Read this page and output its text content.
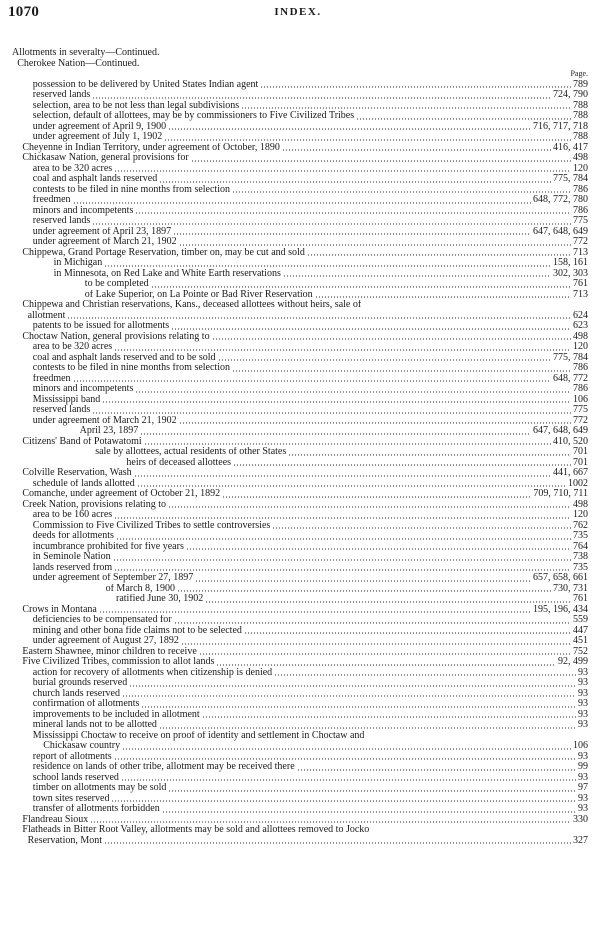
1070	INDEX.
Allotments in severalty—Continued.
Cherokee Nation—Continued.
Page.
possession to be delivered by United States Indian agent	789
reserved lands	724, 790
selection, area to be not less than legal subdivisions	788
selection, default of allottees, may be by commissioners to Five Civilized Tribes	788
under agreement of April 9, 1900	716, 717, 718
under agreement of July 1, 1902	788
Cheyenne in Indian Territory, under agreement of October, 1890	416, 417
Chickasaw Nation, general provisions for	498
area to be 320 acres	120
coal and asphalt lands reserved	775, 784
contests to be filed in nine months from selection	786
freedmen	648, 772, 780
minors and incompetents	786
reserved lands	775
under agreement of April 23, 1897	647, 648, 649
under agreement of March 21, 1902	772
Chippewa, Grand Portage Reservation, timber on, may be cut and sold	713
in Michigan	158, 161
in Minnesota, on Red Lake and White Earth reservations	302, 303
to be completed	761
of Lake Superior, on La Pointe or Bad River Reservation	713
Chippewa and Christian reservations, Kans., deceased allottees without heirs, sale of
allotment	624
patents to be issued for allotments	623
Choctaw Nation, general provisions relating to	498
area to be 320 acres	120
coal and asphalt lands reserved and to be sold	775, 784
contests to be filed in nine months from selection	786
freedmen	648, 772
minors and incompetents	786
Mississippi band	106
reserved lands	775
under agreement of March 21, 1902	772
April 23, 1897	647, 648, 649
Citizens' Band of Potawatomi	410, 520
sale by allottees, actual residents of other States	701
heirs of deceased allottees	701
Colville Reservation, Wash	441, 667
schedule of lands allotted	1002
Comanche, under agreement of October 21, 1892	709, 710, 711
Creek Nation, provisions relating to	498
area to be 160 acres	120
Commission to Five Civilized Tribes to settle controversies	762
deeds for allotments	735
incumbrance prohibited for five years	764
in Seminole Nation	738
lands reserved from	735
under agreement of September 27, 1897	657, 658, 661
of March 8, 1900	730, 731
ratified June 30, 1902	761
Crows in Montana	195, 196, 434
deficiencies to be compensated for	559
mining and other bona fide claims not to be selected	447
under agreement of August 27, 1892	451
Eastern Shawnee, minor children to receive	752
Five Civilized Tribes, commission to allot lands	92, 499
action for recovery of allotments when citizenship is denied	93
burial grounds reserved	93
church lands reserved	93
confirmation of allotments	93
improvements to be included in allotment	93
mineral lands not to be allotted	93
Mississippi Choctaw to receive on proof of identity and settlement in Choctaw and
Chickasaw country	106
report of allotments	93
residence on lands of other tribe, allotment may be received there	99
school lands reserved	93
timber on allotments may be sold	97
town sites reserved	93
transfer of allotments forbidden	93
Flandreau Sioux	330
Flatheads in Bitter Root Valley, allotments may be sold and allottees removed to Jocko
Reservation, Mont	327
